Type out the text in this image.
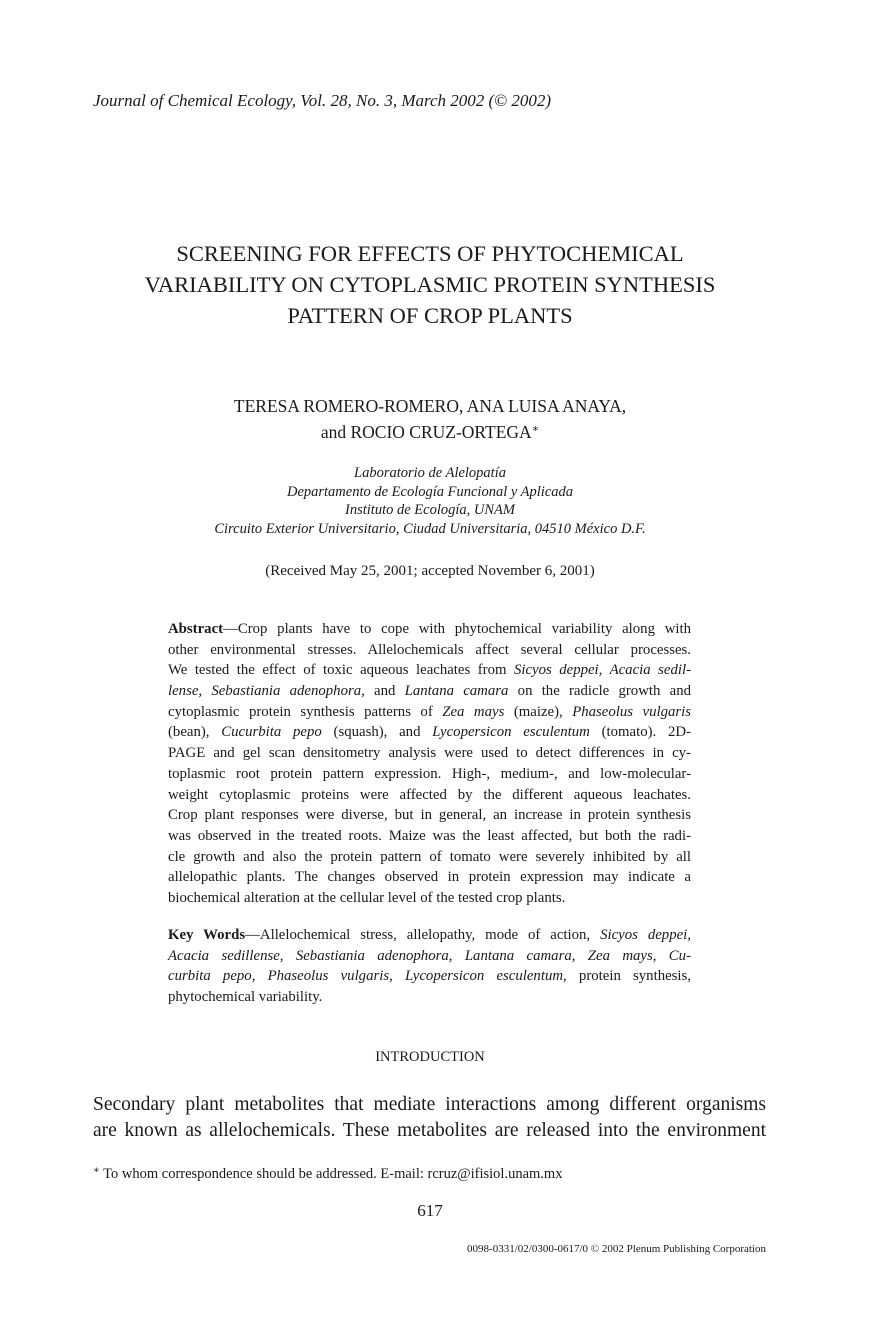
Journal of Chemical Ecology, Vol. 28, No. 3, March 2002 (© 2002)
SCREENING FOR EFFECTS OF PHYTOCHEMICAL
VARIABILITY ON CYTOPLASMIC PROTEIN SYNTHESIS
PATTERN OF CROP PLANTS
TERESA ROMERO-ROMERO, ANA LUISA ANAYA,
and ROCIO CRUZ-ORTEGA∗
Laboratorio de Alelopatía
Departamento de Ecología Funcional y Aplicada
Instituto de Ecología, UNAM
Circuito Exterior Universitario, Ciudad Universitaria, 04510 México D.F.
(Received May 25, 2001; accepted November 6, 2001)
Abstract—Crop plants have to cope with phytochemical variability along with
other environmental stresses. Allelochemicals affect several cellular processes.
We tested the effect of toxic aqueous leachates from Sicyos deppei, Acacia sedil-
lense, Sebastiania adenophora, and Lantana camara on the radicle growth and
cytoplasmic protein synthesis patterns of Zea mays (maize), Phaseolus vulgaris
(bean), Cucurbita pepo (squash), and Lycopersicon esculentum (tomato). 2D-
PAGE and gel scan densitometry analysis were used to detect differences in cy-
toplasmic root protein pattern expression. High-, medium-, and low-molecular-
weight cytoplasmic proteins were affected by the different aqueous leachates.
Crop plant responses were diverse, but in general, an increase in protein synthesis
was observed in the treated roots. Maize was the least affected, but both the radi-
cle growth and also the protein pattern of tomato were severely inhibited by all
allelopathic plants. The changes observed in protein expression may indicate a
biochemical alteration at the cellular level of the tested crop plants.
Key Words—Allelochemical stress, allelopathy, mode of action, Sicyos deppei,
Acacia sedillense, Sebastiania adenophora, Lantana camara, Zea mays, Cu-
curbita pepo, Phaseolus vulgaris, Lycopersicon esculentum, protein synthesis,
phytochemical variability.
INTRODUCTION
Secondary plant metabolites that mediate interactions among different organisms
are known as allelochemicals. These metabolites are released into the environment
∗ To whom correspondence should be addressed. E-mail: rcruz@ifisiol.unam.mx
617
0098-0331/02/0300-0617/0 © 2002 Plenum Publishing Corporation
